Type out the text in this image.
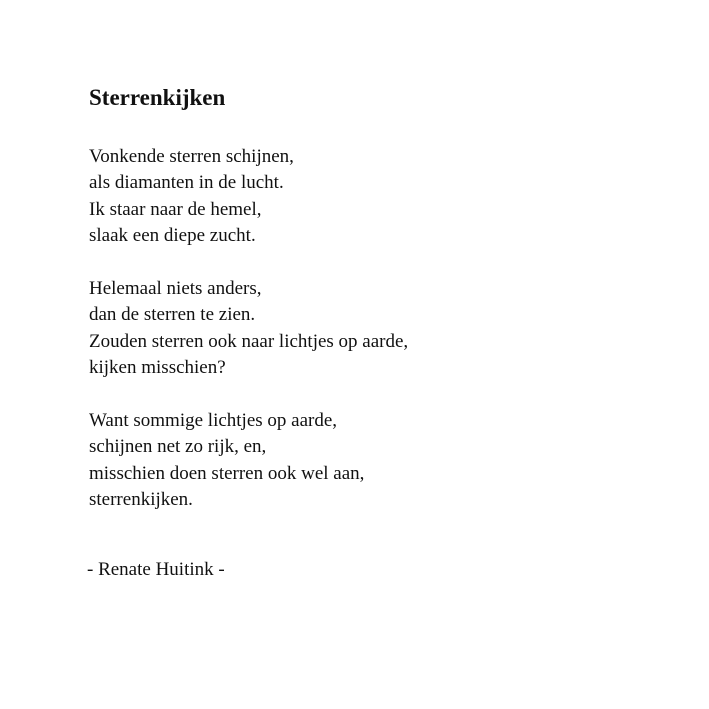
Sterrenkijken

Vonkende sterren schijnen,
als diamanten in de lucht.
Ik staar naar de hemel,
slaak een diepe zucht.

Helemaal niets anders,
dan de sterren te zien.
Zouden sterren ook naar lichtjes op aarde,
kijken misschien?

Want sommige lichtjes op aarde,
schijnen net zo rijk, en,
misschien doen sterren ook wel aan,
sterrenkijken.

- Renate Huitink -
